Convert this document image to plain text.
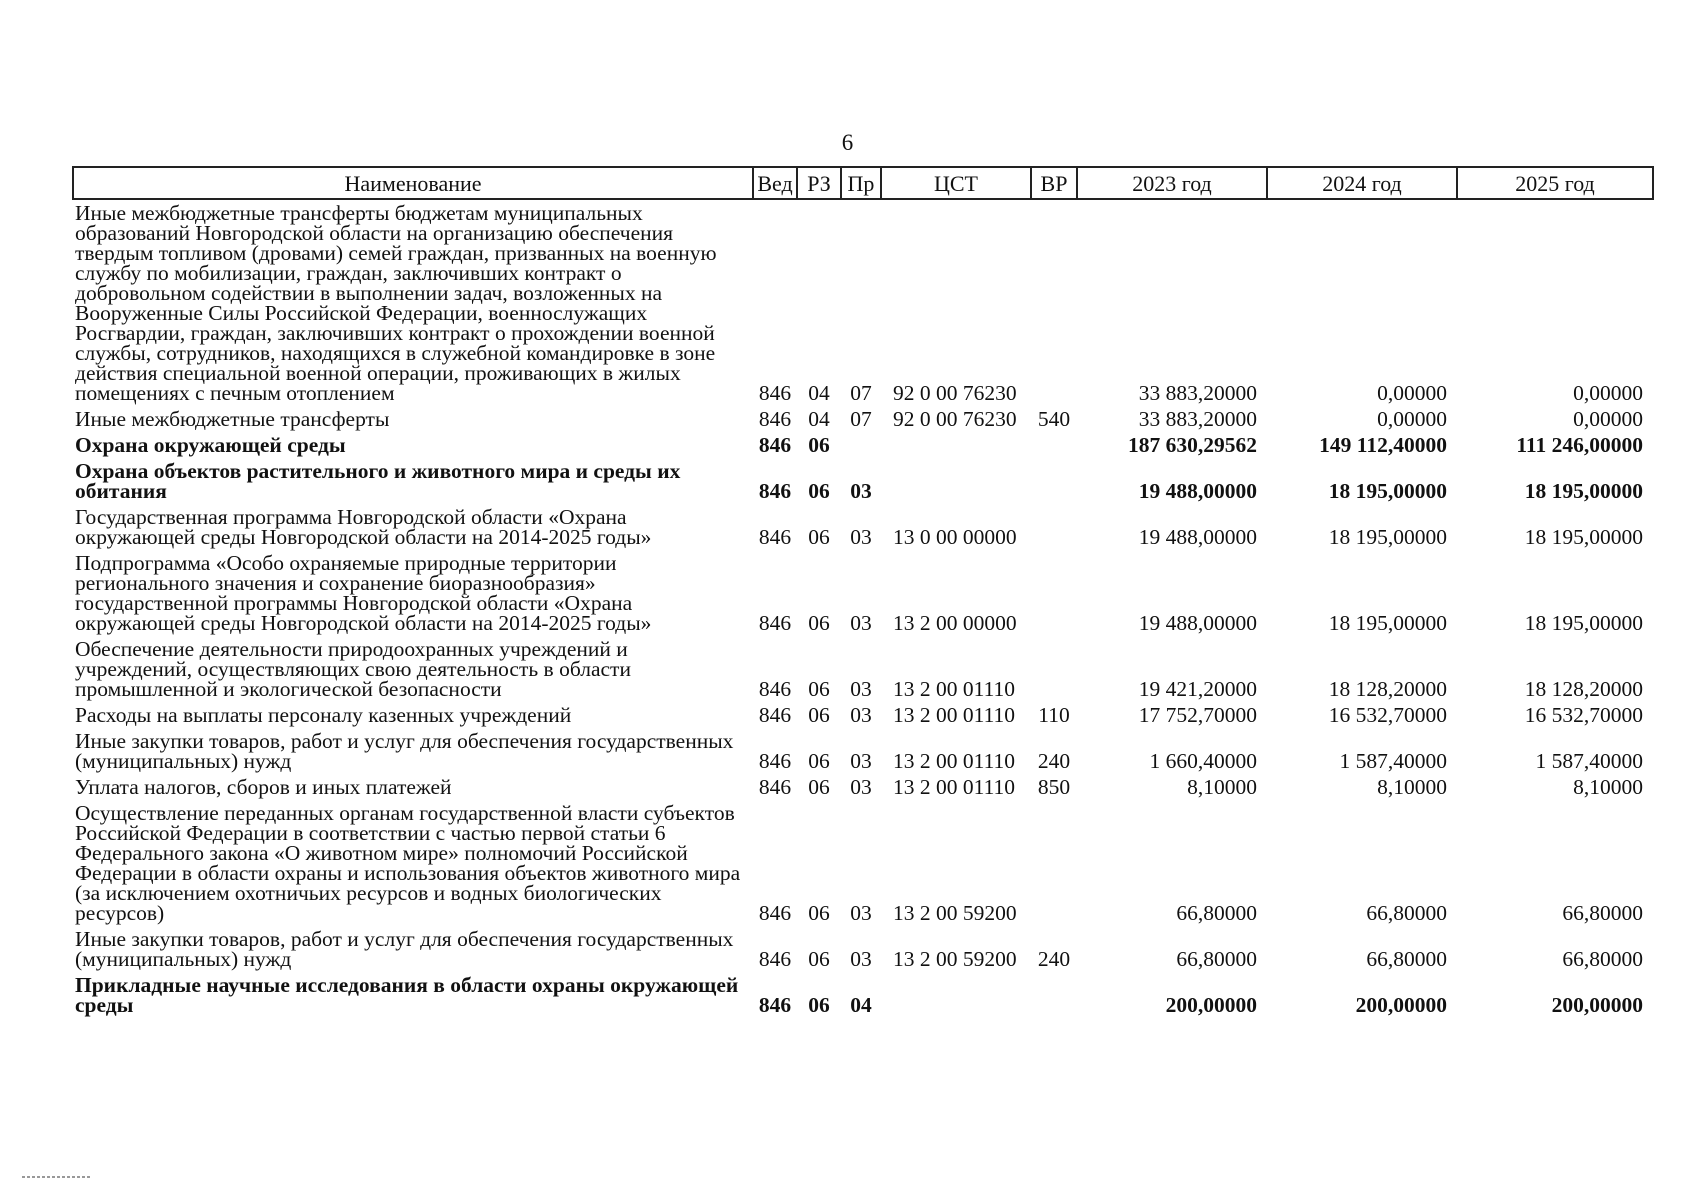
6
Наименование	Вед	РЗ	Пр	ЦСТ	ВР	2023 год	2024 год	2025 год
Иные межбюджетные трансферты бюджетам муниципальных образований Новгородской области на организацию обеспечения твердым топливом (дровами) семей граждан, призванных на военную службу по мобилизации, граждан, заключивших контракт о добровольном содействии в выполнении задач, возложенных на Вооруженные Силы Российской Федерации, военнослужащих Росгвардии, граждан, заключивших контракт о прохождении военной службы, сотрудников, находящихся в служебной командировке в зоне действия специальной военной операции, проживающих в жилых помещениях с печным отоплением	846	04	07	92 0 00 76230		33 883,20000	0,00000	0,00000
Иные межбюджетные трансферты	846	04	07	92 0 00 76230	540	33 883,20000	0,00000	0,00000
Охрана окружающей среды	846	06				187 630,29562	149 112,40000	111 246,00000
Охрана объектов растительного и животного мира и среды их обитания	846	06	03			19 488,00000	18 195,00000	18 195,00000
Государственная программа Новгородской области «Охрана окружающей среды Новгородской области на 2014-2025 годы»	846	06	03	13 0 00 00000		19 488,00000	18 195,00000	18 195,00000
Подпрограмма «Особо охраняемые природные территории регионального значения и сохранение биоразнообразия» государственной программы Новгородской области «Охрана окружающей среды Новгородской области на 2014-2025 годы»	846	06	03	13 2 00 00000		19 488,00000	18 195,00000	18 195,00000
Обеспечение деятельности природоохранных учреждений и учреждений, осуществляющих свою деятельность в области промышленной и экологической безопасности	846	06	03	13 2 00 01110		19 421,20000	18 128,20000	18 128,20000
Расходы на выплаты персоналу казенных учреждений	846	06	03	13 2 00 01110	110	17 752,70000	16 532,70000	16 532,70000
Иные закупки товаров, работ и услуг для обеспечения государственных (муниципальных) нужд	846	06	03	13 2 00 01110	240	1 660,40000	1 587,40000	1 587,40000
Уплата налогов, сборов и иных платежей	846	06	03	13 2 00 01110	850	8,10000	8,10000	8,10000
Осуществление переданных органам государственной власти субъектов Российской Федерации в соответствии с частью первой статьи 6 Федерального закона «О животном мире» полномочий Российской Федерации в области охраны и использования объектов животного мира (за исключением охотничьих ресурсов и водных биологических ресурсов)	846	06	03	13 2 00 59200		66,80000	66,80000	66,80000
Иные закупки товаров, работ и услуг для обеспечения государственных (муниципальных) нужд	846	06	03	13 2 00 59200	240	66,80000	66,80000	66,80000
Прикладные научные исследования в области охраны окружающей среды	846	06	04			200,00000	200,00000	200,00000
